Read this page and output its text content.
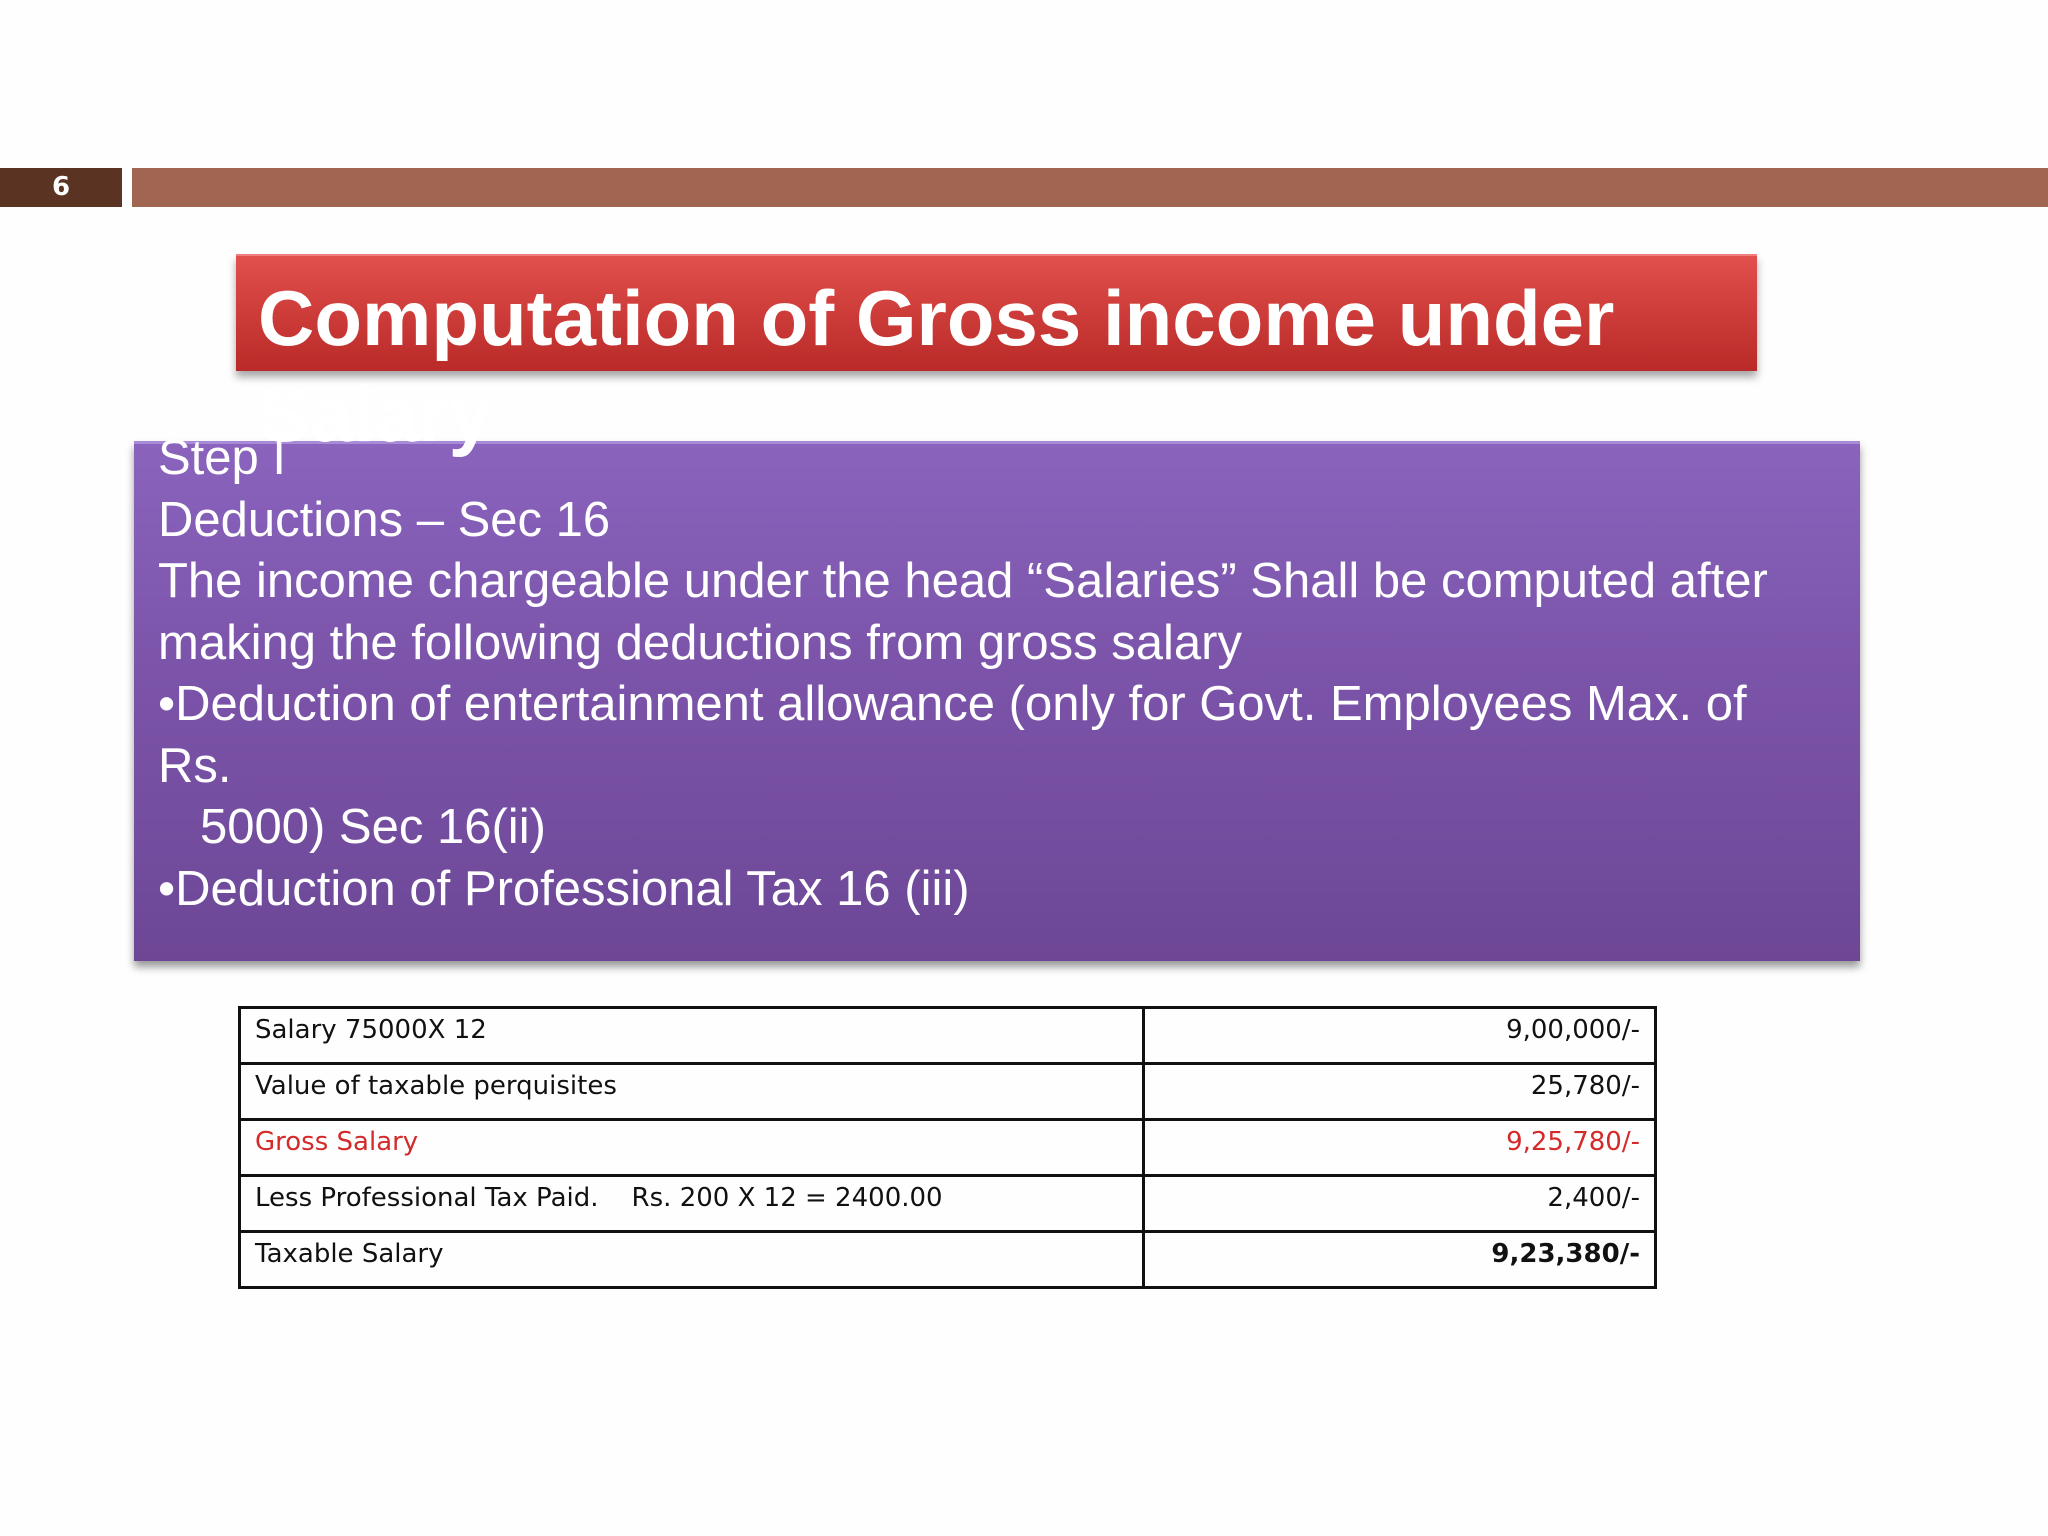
6
Computation of Gross income under Salary
Step I
Deductions – Sec 16
The income chargeable under the head “Salaries” Shall be computed after
making the following deductions from gross salary
•Deduction of entertainment allowance (only for Govt. Employees Max. of
Rs.
5000) Sec 16(ii)
•Deduction of Professional Tax 16 (iii)
Salary 75000X 12	9,00,000/-
Value of taxable perquisites	25,780/-
Gross Salary	9,25,780/-
Less Professional Tax Paid.    Rs. 200 X 12 = 2400.00	2,400/-
Taxable Salary	9,23,380/-
